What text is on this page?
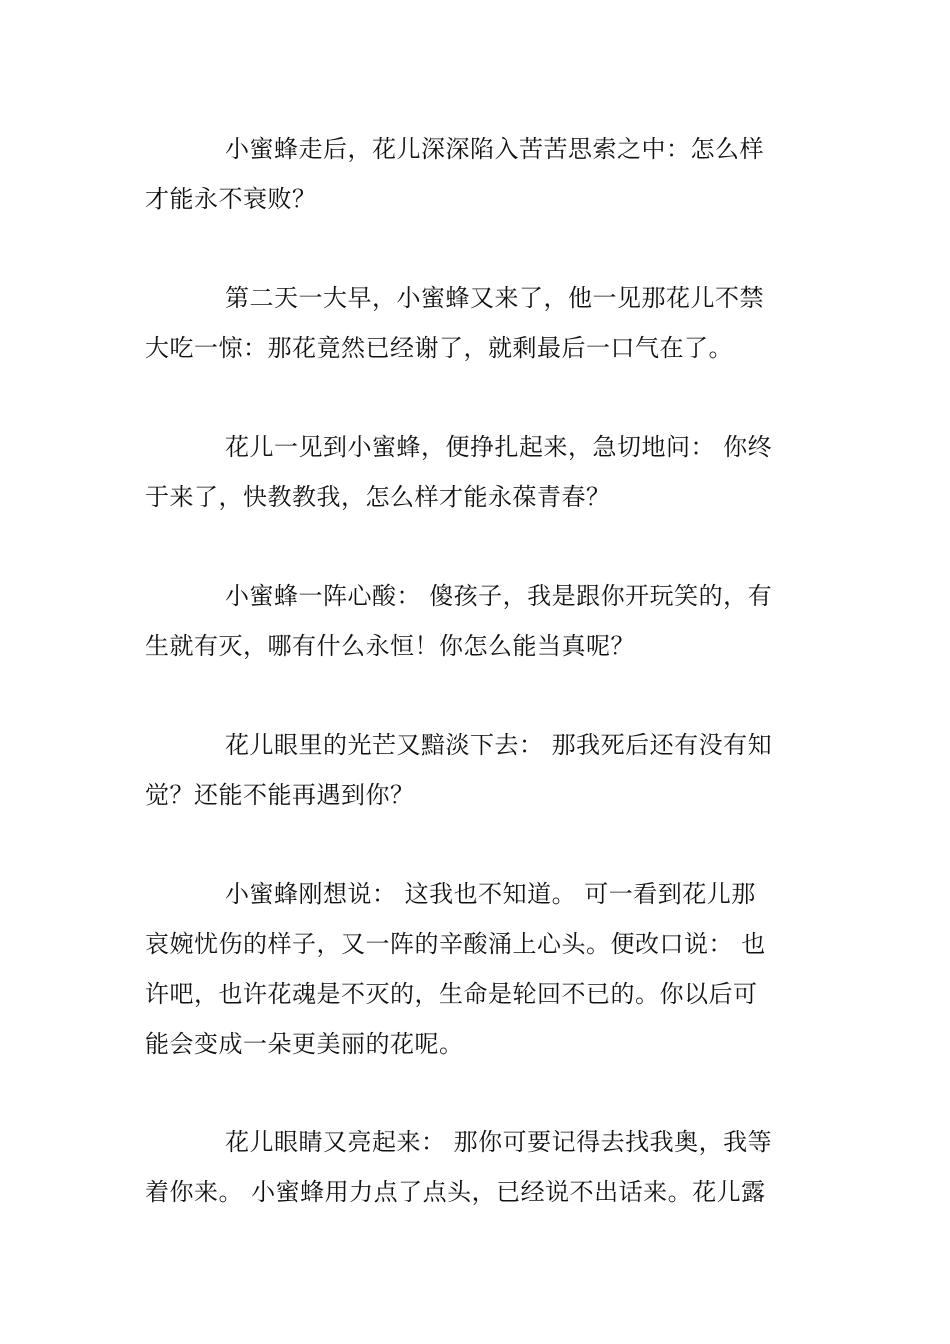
小蜜蜂走后，花儿深深陷入苦苦思索之中：怎么样
才能永不衰败？
第二天一大早，小蜜蜂又来了，他一见那花儿不禁
大吃一惊：那花竟然已经谢了，就剩最后一口气在了。
花儿一见到小蜜蜂，便挣扎起来，急切地问： 你终
于来了，快教教我，怎么样才能永葆青春？
小蜜蜂一阵心酸： 傻孩子，我是跟你开玩笑的，有
生就有灭，哪有什么永恒！你怎么能当真呢？
花儿眼里的光芒又黯淡下去： 那我死后还有没有知
觉？还能不能再遇到你？
小蜜蜂刚想说： 这我也不知道。 可一看到花儿那
哀婉忧伤的样子，又一阵的辛酸涌上心头。便改口说： 也
许吧，也许花魂是不灭的，生命是轮回不已的。你以后可
能会变成一朵更美丽的花呢。
花儿眼睛又亮起来： 那你可要记得去找我奥，我等
着你来。 小蜜蜂用力点了点头，已经说不出话来。花儿露
